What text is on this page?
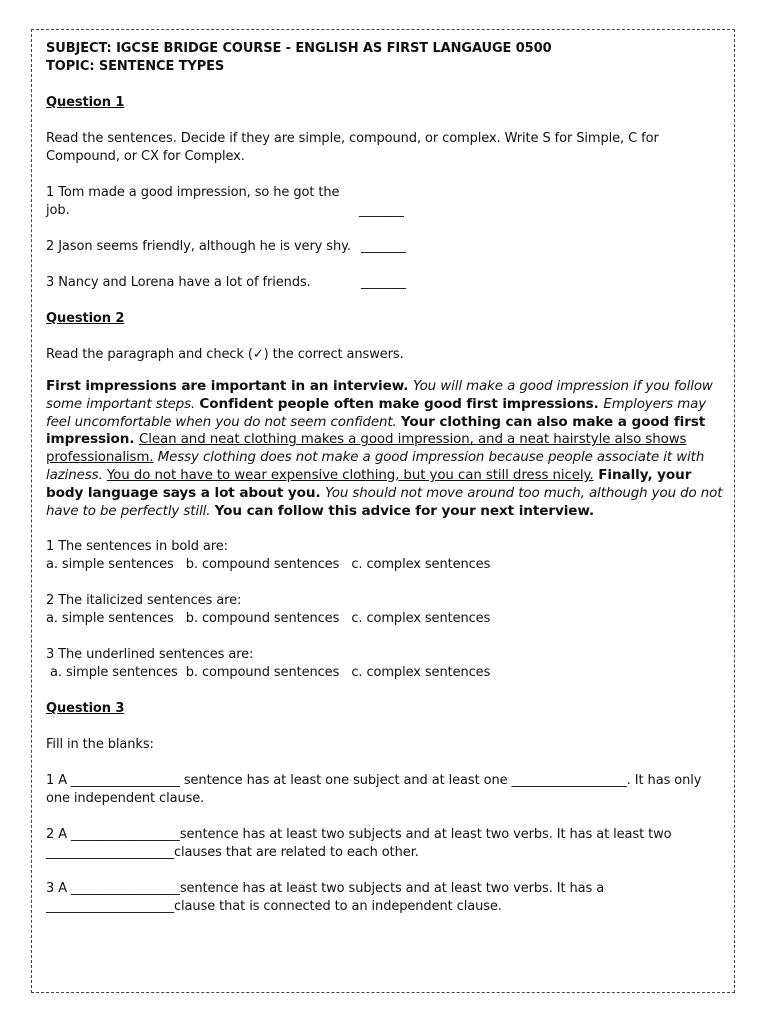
SUBJECT: IGCSE BRIDGE COURSE - ENGLISH AS FIRST LANGAUGE 0500

TOPIC: SENTENCE TYPES

Question 1

Read the sentences. Decide if they are simple, compound, or complex. Write S for Simple, C for Compound, or CX for Complex.

1 Tom made a good impression, so he got the job.	_______

2 Jason seems friendly, although he is very shy. _______

3 Nancy and Lorena have a lot of friends.	_______

Question 2

Read the paragraph and check (✓) the correct answers.

First impressions are important in an interview. You will make a good impression if you follow some important steps. Confident people often make good first impressions. Employers may feel uncomfortable when you do not seem confident. Your clothing can also make a good first impression. Clean and neat clothing makes a good impression, and a neat hairstyle also shows professionalism. Messy clothing does not make a good impression because people associate it with laziness. You do not have to wear expensive clothing, but you can still dress nicely. Finally, your body language says a lot about you. You should not move around too much, although you do not have to be perfectly still. You can follow this advice for your next interview.

1 The sentences in bold are:

a. simple sentences   b. compound sentences   c. complex sentences

2 The italicized sentences are:

a. simple sentences   b. compound sentences   c. complex sentences

3 The underlined sentences are:

a. simple sentences  b. compound sentences   c. complex sentences

Question 3

Fill in the blanks:

1 A _________________ sentence has at least one subject and at least one __________________. It has only one independent clause.

2 A _________________sentence has at least two subjects and at least two verbs. It has at least two ____________________clauses that are related to each other.

3 A _________________sentence has at least two subjects and at least two verbs. It has a ____________________clause that is connected to an independent clause.
